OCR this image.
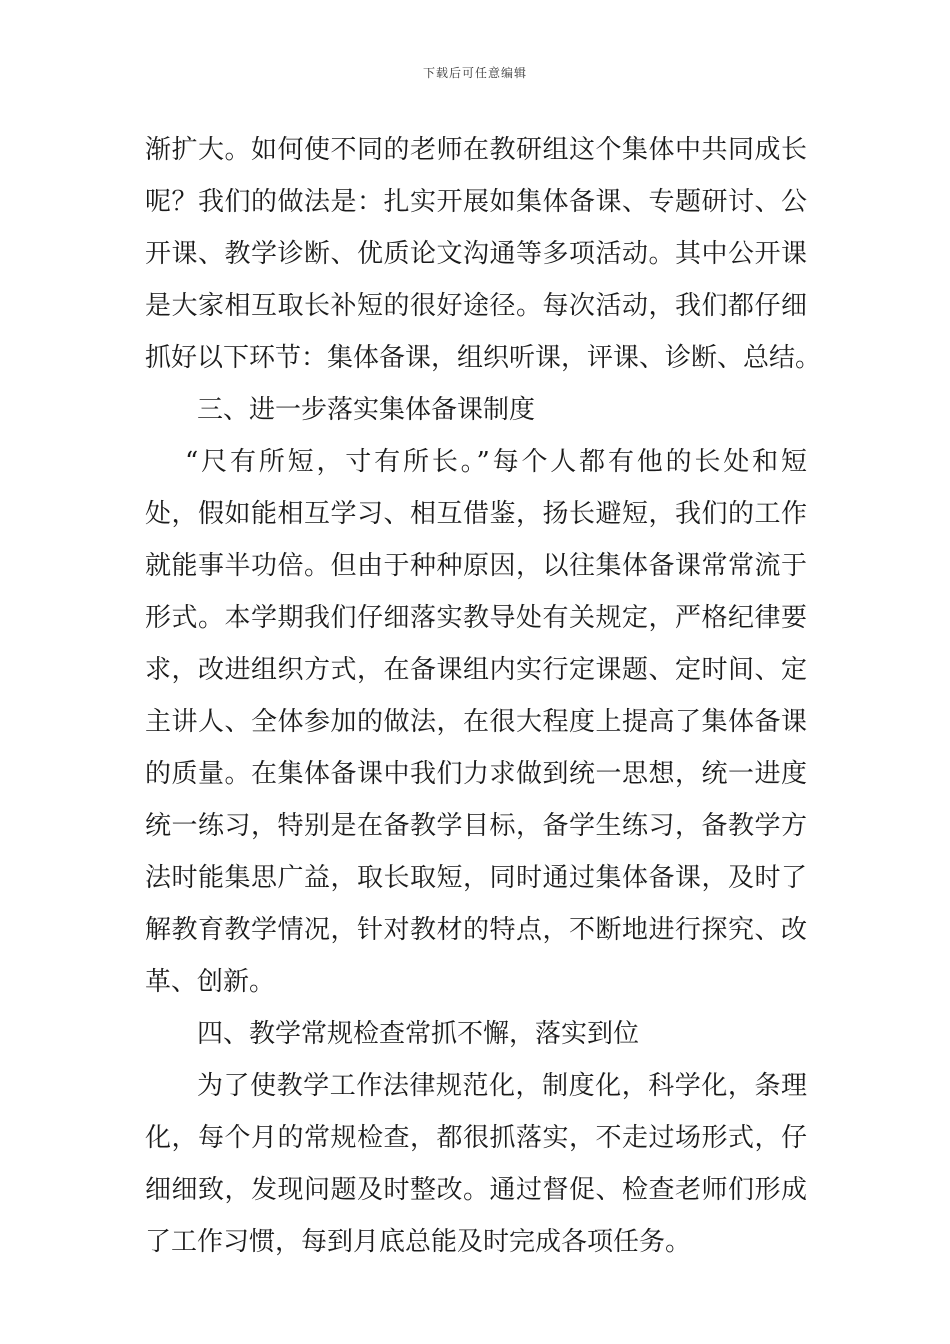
下载后可任意编辑
渐扩大。如何使不同的老师在教研组这个集体中共同成长
呢？我们的做法是：扎实开展如集体备课、专题研讨、公
开课、教学诊断、优质论文沟通等多项活动。其中公开课
是大家相互取长补短的很好途径。每次活动，我们都仔细
抓好以下环节：集体备课，组织听课，评课、诊断、总结。
三、进一步落实集体备课制度
“尺有所短，寸有所长。”每个人都有他的长处和短
处，假如能相互学习、相互借鉴，扬长避短，我们的工作
就能事半功倍。但由于种种原因，以往集体备课常常流于
形式。本学期我们仔细落实教导处有关规定，严格纪律要
求，改进组织方式，在备课组内实行定课题、定时间、定
主讲人、全体参加的做法，在很大程度上提高了集体备课
的质量。在集体备课中我们力求做到统一思想，统一进度
统一练习，特别是在备教学目标，备学生练习，备教学方
法时能集思广益，取长取短，同时通过集体备课，及时了
解教育教学情况，针对教材的特点，不断地进行探究、改
革、创新。
四、教学常规检查常抓不懈，落实到位
为了使教学工作法律规范化，制度化，科学化，条理
化，每个月的常规检查，都很抓落实，不走过场形式，仔
细细致，发现问题及时整改。通过督促、检查老师们形成
了工作习惯，每到月底总能及时完成各项任务。
